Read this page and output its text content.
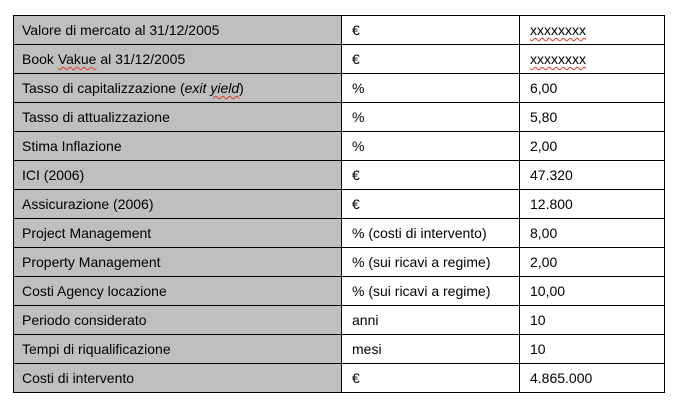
Valore di mercato al 31/12/2005	€	xxxxxxxx
Book Vakue al 31/12/2005	€	xxxxxxxx
Tasso di capitalizzazione (exit yield)	%	6,00
Tasso di attualizzazione	%	5,80
Stima Inflazione	%	2,00
ICI (2006)	€	47.320
Assicurazione (2006)	€	12.800
Project Management	% (costi di intervento)	8,00
Property Management	% (sui ricavi a regime)	2,00
Costi Agency locazione	% (sui ricavi a regime)	10,00
Periodo considerato	anni	10
Tempi di riqualificazione	mesi	10
Costi di intervento	€	4.865.000
